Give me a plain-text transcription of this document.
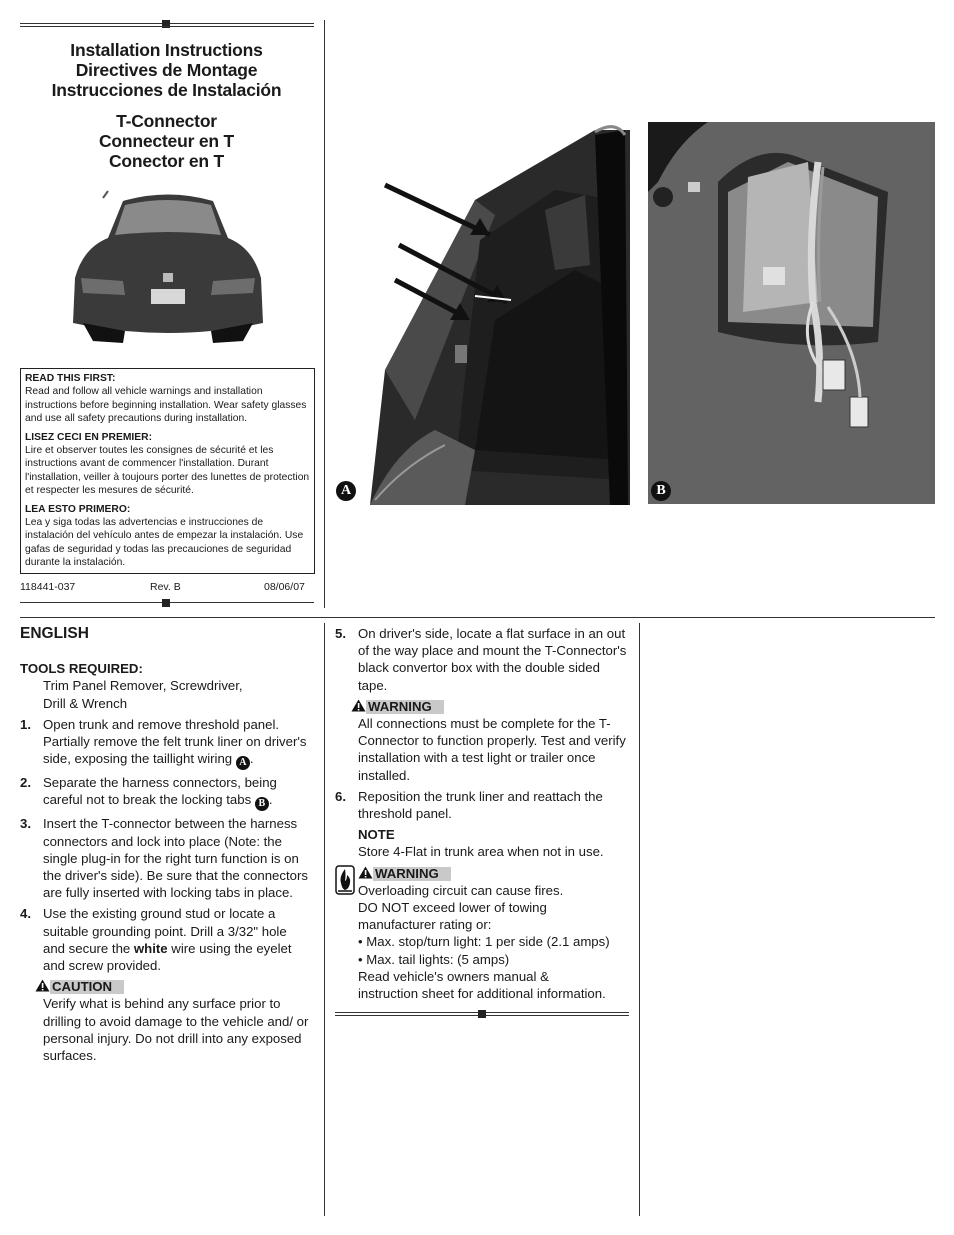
Installation Instructions
Directives de Montage
Instrucciones de Instalación
T-Connector
Connecteur en T
Conector en T
READ THIS FIRST:
Read and follow all vehicle warnings and installation instructions before beginning installation. Wear safety glasses and use all safety precautions during installation.
LISEZ CECI EN PREMIER:
Lire et observer toutes les consignes de sécurité et les instructions avant de commencer l'installation. Durant l'installation, veiller à toujours porter des lunettes de protection et respecter les mesures de sécurité.
LEA ESTO PRIMERO:
Lea y siga todas las advertencias e instrucciones de instalación del vehículo antes de empezar la instalación. Use gafas de seguridad y todas las precauciones de seguridad durante la instalación.
118441-037	Rev. B	08/06/07
A	B
ENGLISH
TOOLS REQUIRED:
Trim Panel Remover, Screwdriver,
Drill & Wrench
1. Open trunk and remove threshold panel. Partially remove the felt trunk liner on driver's side, exposing the taillight wiring A .
2. Separate the harness connectors, being careful not to break the locking tabs B .
3. Insert the T-connector between the harness connectors and lock into place (Note: the single plug-in for the right turn function is on the driver's side). Be sure that the connectors are fully inserted with locking tabs in place.
4. Use the existing ground stud or locate a suitable grounding point. Drill a 3/32" hole and secure the white wire using the eyelet and screw provided.
CAUTION
Verify what is behind any surface prior to drilling to avoid damage to the vehicle and/ or personal injury. Do not drill into any exposed surfaces.
5. On driver's side, locate a flat surface in an out of the way place and mount the T-Connector's black convertor box with the double sided tape.
WARNING
All connections must be complete for the T-Connector to function properly. Test and verify installation with a test light or trailer once installed.
6. Reposition the trunk liner and reattach the threshold panel.
NOTE
Store 4-Flat in trunk area when not in use.
WARNING
Overloading circuit can cause fires.
DO NOT exceed lower of towing
manufacturer rating or:
• Max. stop/turn light: 1 per side (2.1 amps)
• Max. tail lights: (5 amps)
Read vehicle's owners manual &
instruction sheet for additional information.
